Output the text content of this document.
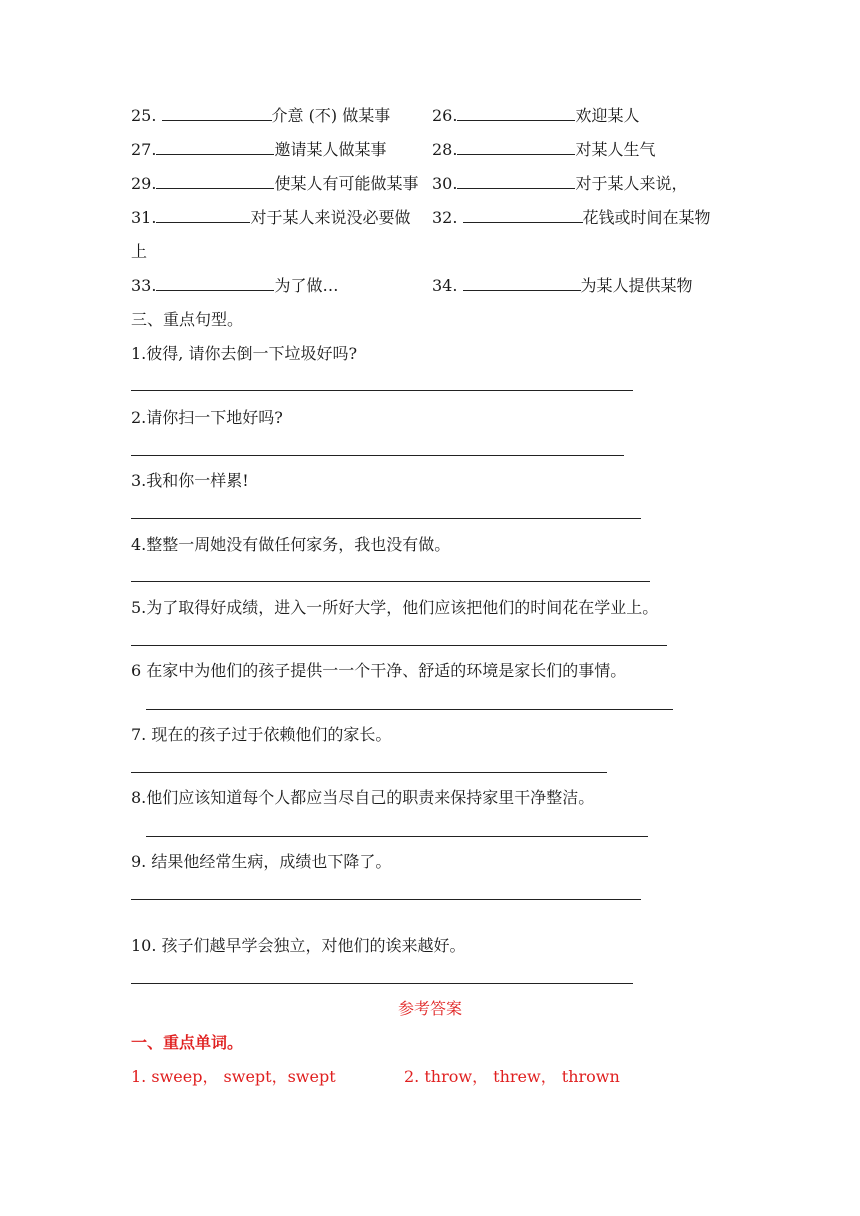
25.	介意 (不) 做某事	26.	欢迎某人
27.	邀请某人做某事	28.	对某人生气
29.	使某人有可能做某事 30.	对于某人来说，
31.	对于某人来说没必要做 32.	花钱或时间在某物
上
33.	为了做…	34.	为某人提供某物
三、重点句型。
1.彼得, 请你去倒一下垃圾好吗?
2.请你扫一下地好吗?
3.我和你一样累!
4.整整一周她没有做任何家务，我也没有做。
5.为了取得好成绩，进入一所好大学，他们应该把他们的时间花在学业上。
6 在家中为他们的孩子提供一一个干净、舒适的环境是家长们的事情。
7. 现在的孩子过于依赖他们的家长。
8.他们应该知道每个人都应当尽自己的职责来保持家里干净整洁。
9. 结果他经常生病，成绩也下降了。
10. 孩子们越早学会独立，对他们的诶来越好。
参考答案
一、重点单词。
1. sweep， swept，swept	2. throw， threw， thrown
